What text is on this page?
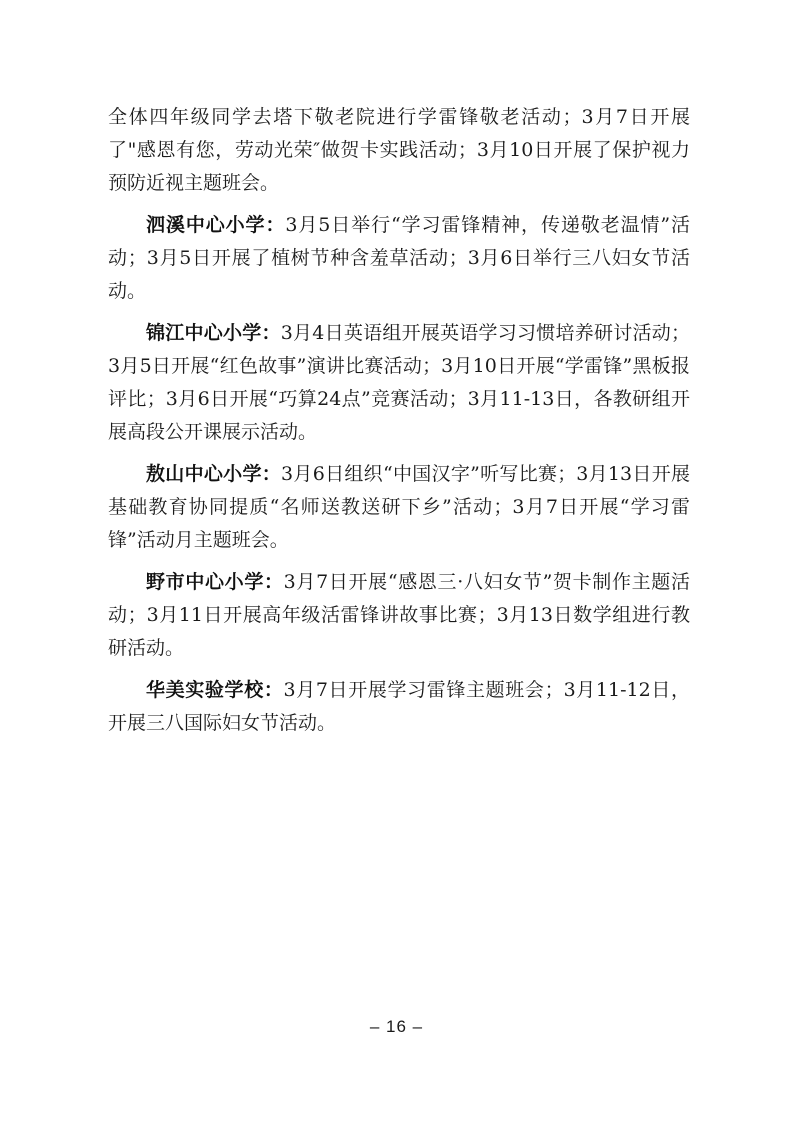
全体四年级同学去塔下敬老院进行学雷锋敬老活动；3月7日开展了"感恩有您，劳动光荣″做贺卡实践活动；3月10日开展了保护视力预防近视主题班会。

泗溪中心小学：3月5日举行“学习雷锋精神，传递敬老温情”活动；3月5日开展了植树节种含羞草活动；3月6日举行三八妇女节活动。

锦江中心小学：3月4日英语组开展英语学习习惯培养研讨活动；3月5日开展“红色故事”演讲比赛活动；3月10日开展“学雷锋”黑板报评比；3月6日开展“巧算24点”竞赛活动；3月11-13日，各教研组开展高段公开课展示活动。

敖山中心小学：3月6日组织“中国汉字”听写比赛；3月13日开展基础教育协同提质“名师送教送研下乡”活动；3月7日开展“学习雷锋”活动月主题班会。

野市中心小学：3月7日开展“感恩三·八妇女节”贺卡制作主题活动；3月11日开展高年级活雷锋讲故事比赛；3月13日数学组进行教研活动。

华美实验学校：3月7日开展学习雷锋主题班会；3月11-12日，开展三八国际妇女节活动。

– 16 –
